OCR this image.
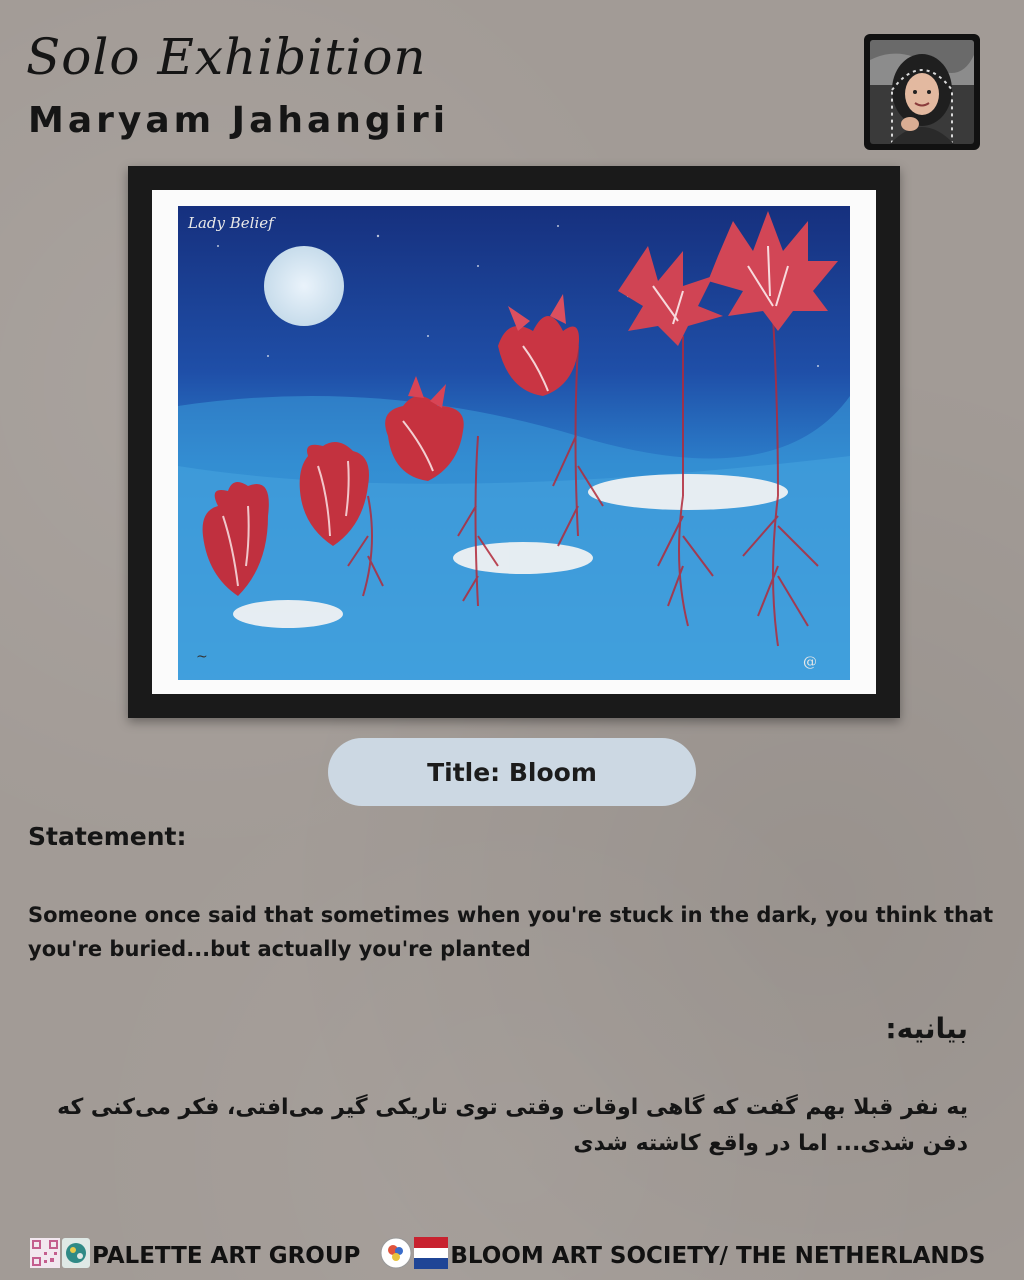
Solo Exhibition
Maryam Jahangiri
Lady Belief
~	@
Title: Bloom
Statement:
Someone once said that sometimes when you're stuck in the dark, you think that you're buried...but actually you're planted
بیانیه:
یه نفر قبلا بهم گفت که گاهی اوقات وقتی توی تاریکی گیر می‌افتی، فکر می‌کنی که دفن شدی... اما در واقع کاشته شدی
PALETTE ART GROUP	BLOOM ART SOCIETY/ THE NETHERLANDS
